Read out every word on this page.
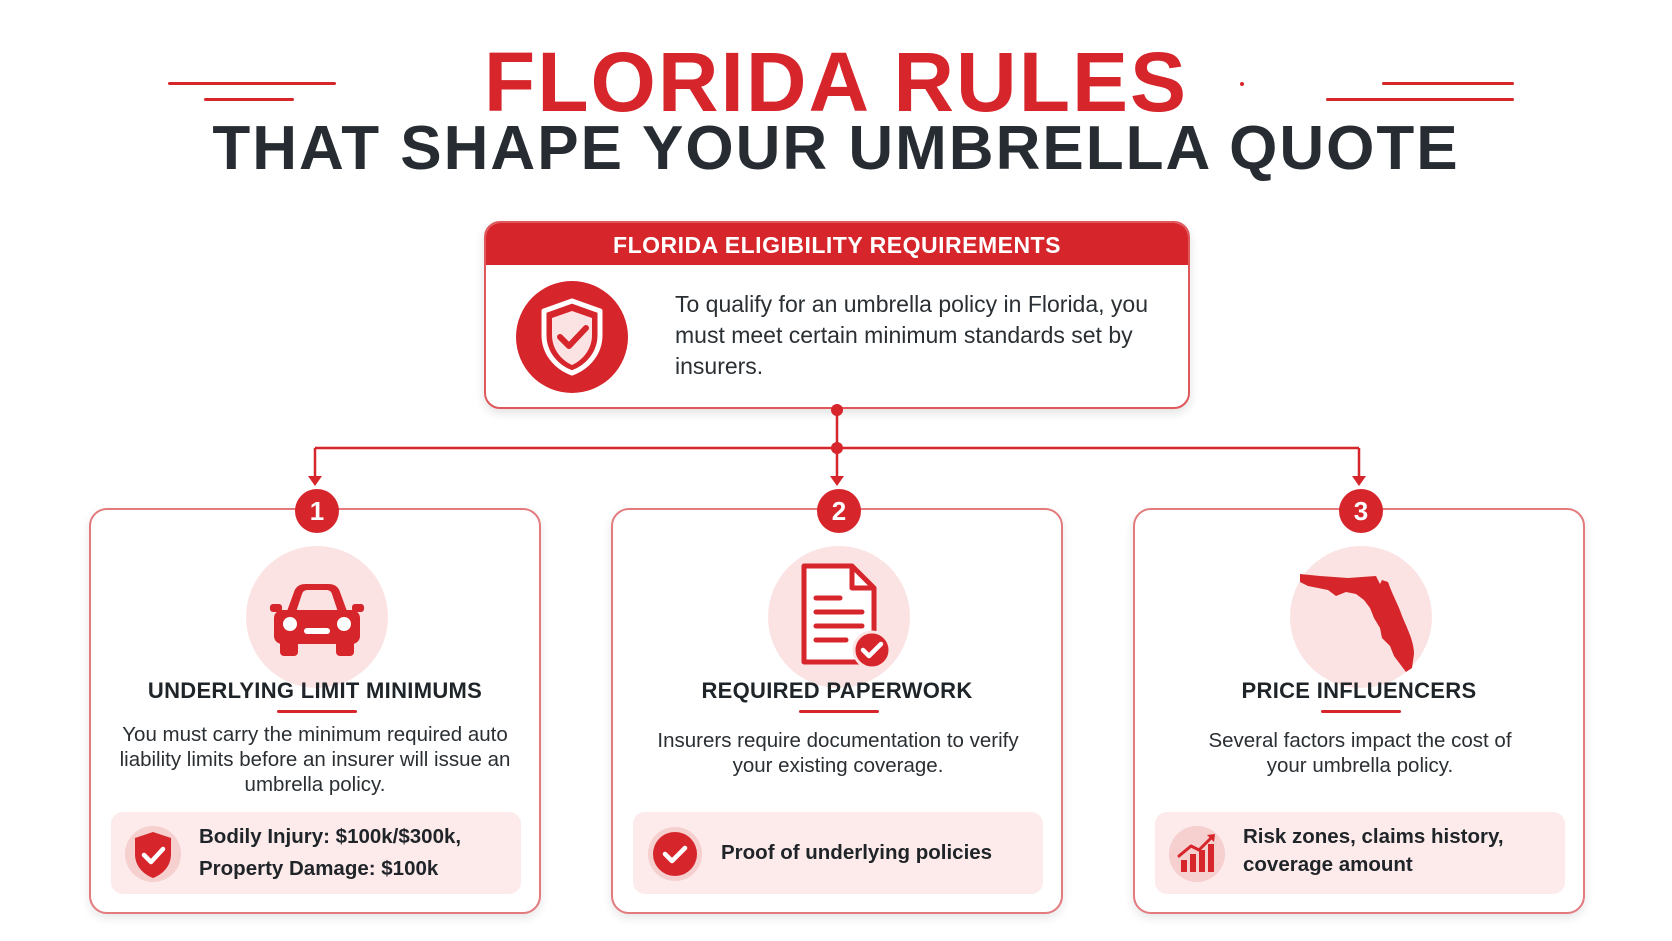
FLORIDA RULES
THAT SHAPE YOUR UMBRELLA QUOTE
FLORIDA ELIGIBILITY REQUIREMENTS
To qualify for an umbrella policy in Florida, you must meet certain minimum standards set by insurers.
1
UNDERLYING LIMIT MINIMUMS
You must carry the minimum required auto liability limits before an insurer will issue an umbrella policy.
Bodily Injury: $100k/$300k,
Property Damage: $100k
2
REQUIRED PAPERWORK
Insurers require documentation to verify your existing coverage.
Proof of underlying policies
3
PRICE INFLUENCERS
Several factors impact the cost of your umbrella policy.
Risk zones, claims history,
coverage amount
